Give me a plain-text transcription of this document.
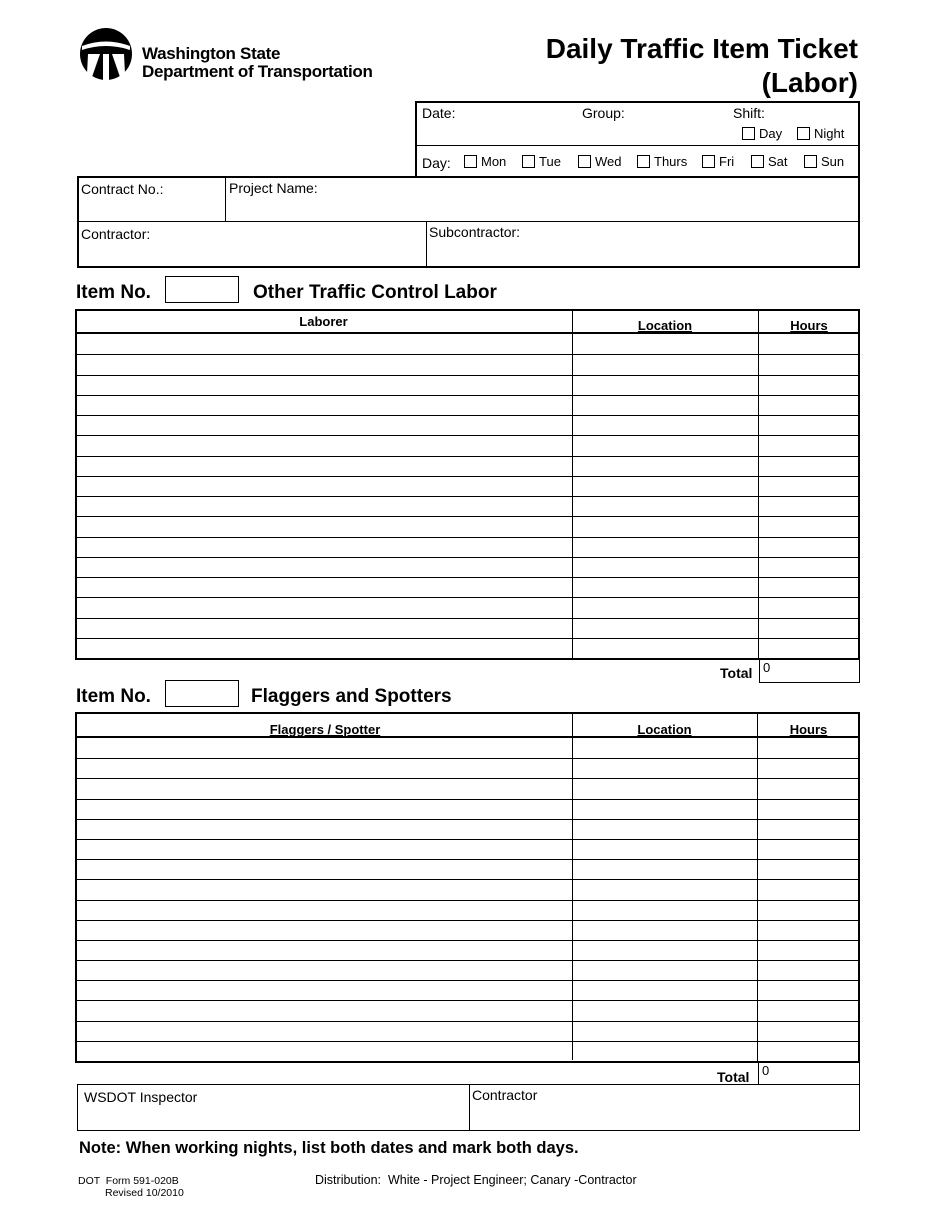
Washington State
Department of Transportation
Daily Traffic Item Ticket
(Labor)
Date:	Group:	Shift:
Day	Night
Day:	Mon	Tue	Wed	Thurs	Fri	Sat	Sun
Contract No.:	Project Name:
Contractor:	Subcontractor:
Item No.	Other Traffic Control Labor
Laborer	Location	Hours
Total 0
Item No.	Flaggers and Spotters
Flaggers / Spotter	Location	Hours
Total 0
WSDOT Inspector	Contractor
Note: When working nights, list both dates and mark both days.
DOT  Form 591-020B
Revised 10/2010
Distribution:  White - Project Engineer; Canary -Contractor
